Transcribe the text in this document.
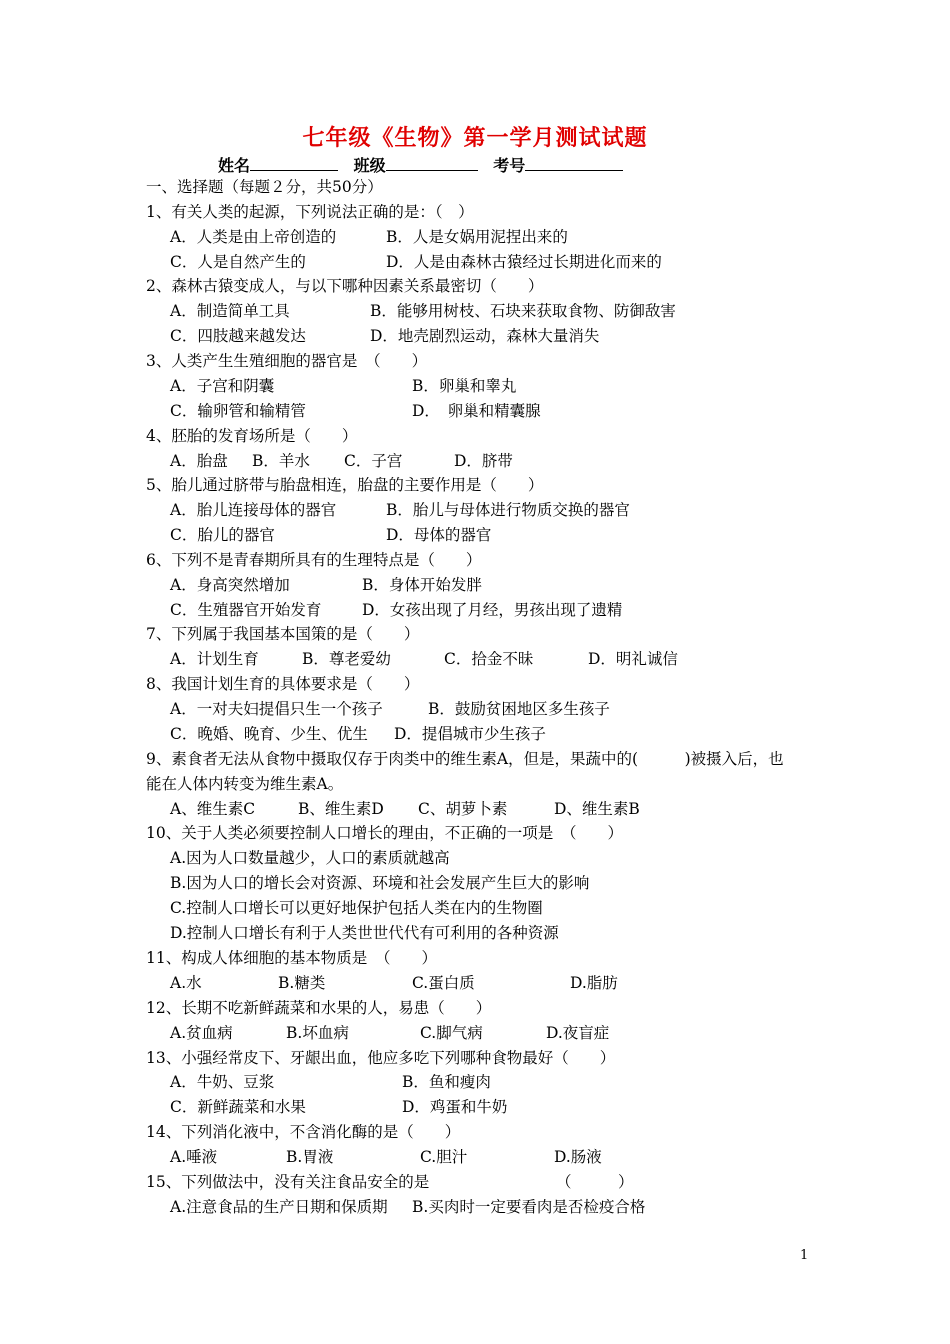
七年级《生物》第一学月测试试题
姓名	班级	考号
一、选择题（每题２分，共50分）
1、有关人类的起源，下列说法正确的是：（　）
A．人类是由上帝创造的	B．人是女娲用泥捏出来的
C．人是自然产生的	D．人是由森林古猿经过长期进化而来的
2、森林古猿变成人，与以下哪种因素关系最密切（　　）
A．制造简单工具	B．能够用树枝、石块来获取食物、防御敌害
C．四肢越来越发达	D．地壳剧烈运动，森林大量消失
3、人类产生生殖细胞的器官是　（　　）
A．子宫和阴囊	B．卵巢和睾丸
C．输卵管和输精管	D．　卵巢和精囊腺
4、胚胎的发育场所是（　　）
A．胎盘 B．羊水 C．子宫	D．脐带
5、胎儿通过脐带与胎盘相连，胎盘的主要作用是（　　）
A．胎儿连接母体的器官	B．胎儿与母体进行物质交换的器官
C．胎儿的器官	D．母体的器官
6、下列不是青春期所具有的生理特点是（　　）
A．身高突然增加	B．身体开始发胖
C．生殖器官开始发育	D．女孩出现了月经，男孩出现了遗精
7、下列属于我国基本国策的是（　　）
A．计划生育	B．尊老爱幼	C．拾金不昧	D．明礼诚信
8、我国计划生育的具体要求是（　　）
A．一对夫妇提倡只生一个孩子	B．鼓励贫困地区多生孩子
C．晚婚、晚育、少生、优生 D．提倡城市少生孩子
9、素食者无法从食物中摄取仅存于肉类中的维生素A，但是，果蔬中的(　　　)被摄入后，也
能在人体内转变为维生素A。
A、维生素C	B、维生素D C、胡萝卜素	D、维生素B
10、关于人类必须要控制人口增长的理由，不正确的一项是　（　　）
A.因为人口数量越少，人口的素质就越高
B.因为人口的增长会对资源、环境和社会发展产生巨大的影响
C.控制人口增长可以更好地保护包括人类在内的生物圈
D.控制人口增长有利于人类世世代代有可利用的各种资源
11、构成人体细胞的基本物质是　（　　）
A.水	B.糖类	C.蛋白质	D.脂肪
12、长期不吃新鲜蔬菜和水果的人，易患（　　）
A.贫血病	B.坏血病	C.脚气病	D.夜盲症
13、小强经常皮下、牙龈出血，他应多吃下列哪种食物最好（　　）
A．牛奶、豆浆	B．鱼和瘦肉
C．新鲜蔬菜和水果	D．鸡蛋和牛奶
14、下列消化液中，不含消化酶的是（　　）
A.唾液	B.胃液	C.胆汁	D.肠液
15、下列做法中，没有关注食品安全的是	（　　　）
A.注意食品的生产日期和保质期 B.买肉时一定要看肉是否检疫合格
1
